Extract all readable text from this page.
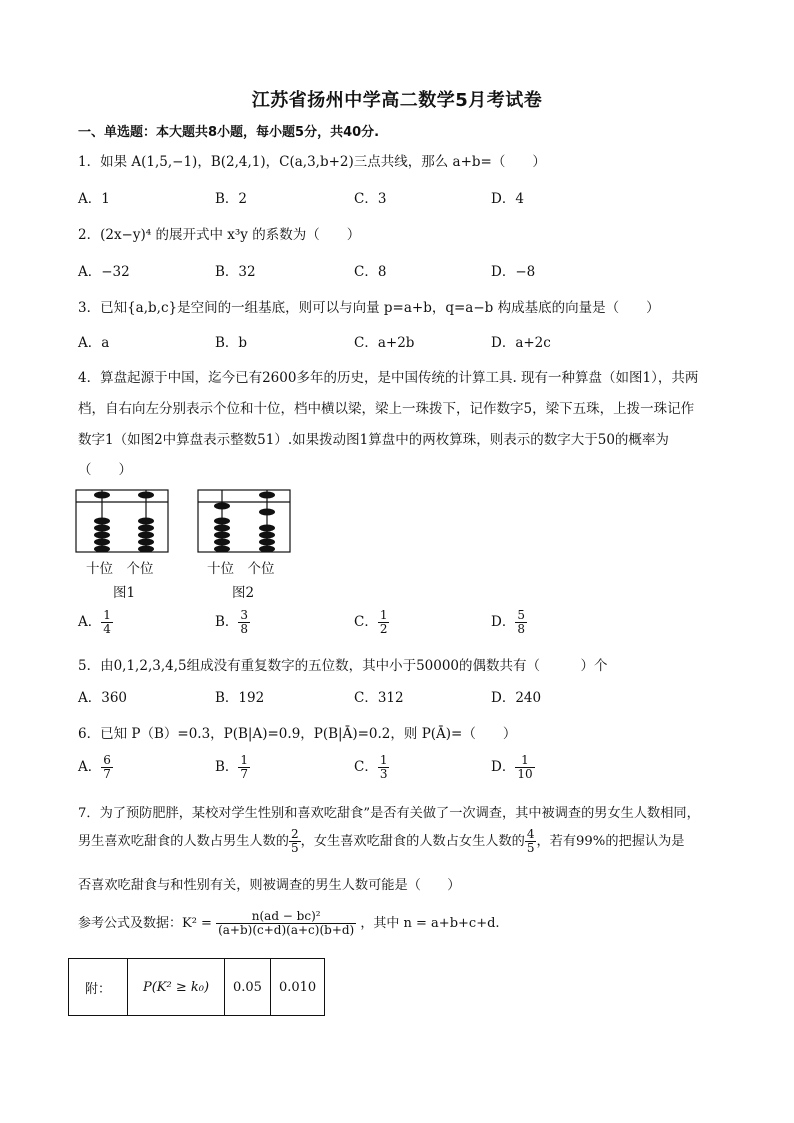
江苏省扬州中学高二数学5月考试卷
一、单选题：本大题共8小题，每小题5分，共40分.
1．如果 A(1,5,−1)，B(2,4,1)，C(a,3,b+2)三点共线，那么 a+b=（　　）
A．1	B．2	C．3	D．4
2．(2x−y)⁴ 的展开式中 x³y 的系数为（　　）
A．−32	B．32	C．8	D．−8
3．已知{a,b,c}是空间的一组基底，则可以与向量 p=a+b，q=a−b 构成基底的向量是（　　）
A．a	B．b	C．a+2b	D．a+2c
4．算盘起源于中国，迄今已有2600多年的历史，是中国传统的计算工具. 现有一种算盘（如图1），共两
档，自右向左分别表示个位和十位，档中横以梁，梁上一珠拨下，记作数字5，梁下五珠，上拨一珠记作
数字1（如图2中算盘表示整数51）.如果拨动图1算盘中的两枚算珠，则表示的数字大于50的概率为
（　　）
十位　个位	十位　个位
图1	图2
A． $\frac{1}{4}$	B． $\frac{3}{8}$	C． $\frac{1}{2}$	D． $\frac{5}{8}$
5．由0,1,2,3,4,5组成没有重复数字的五位数，其中小于50000的偶数共有（　　　）个
A．360	B．192	C．312	D．240
6．已知 P（B）=0.3，P(B|A)=0.9，P(B|Ā)=0.2，则 P(Ā)=（　　）
A． $\frac{6}{7}$	B． $\frac{1}{7}$	C． $\frac{1}{3}$	D． $\frac{1}{10}$
7．为了预防肥胖，某校对学生性别和喜欢吃甜食”是否有关做了一次调查，其中被调查的男女生人数相同，
男生喜欢吃甜食的人数占男生人数的 $\frac{2}{5}$ ，女生喜欢吃甜食的人数占女生人数的 $\frac{4}{5}$ ，若有99%的把握认为是
否喜欢吃甜食与和性别有关，则被调查的男生人数可能是（　　）
参考公式及数据：$K^2 = \frac{\text{n(ad − bc)²}}{(a+b)(c+d)(a+c)(b+d)}$ ，其中 n = a+b+c+d.
附：	P(K² ≥ k₀)	0.05	0.010
